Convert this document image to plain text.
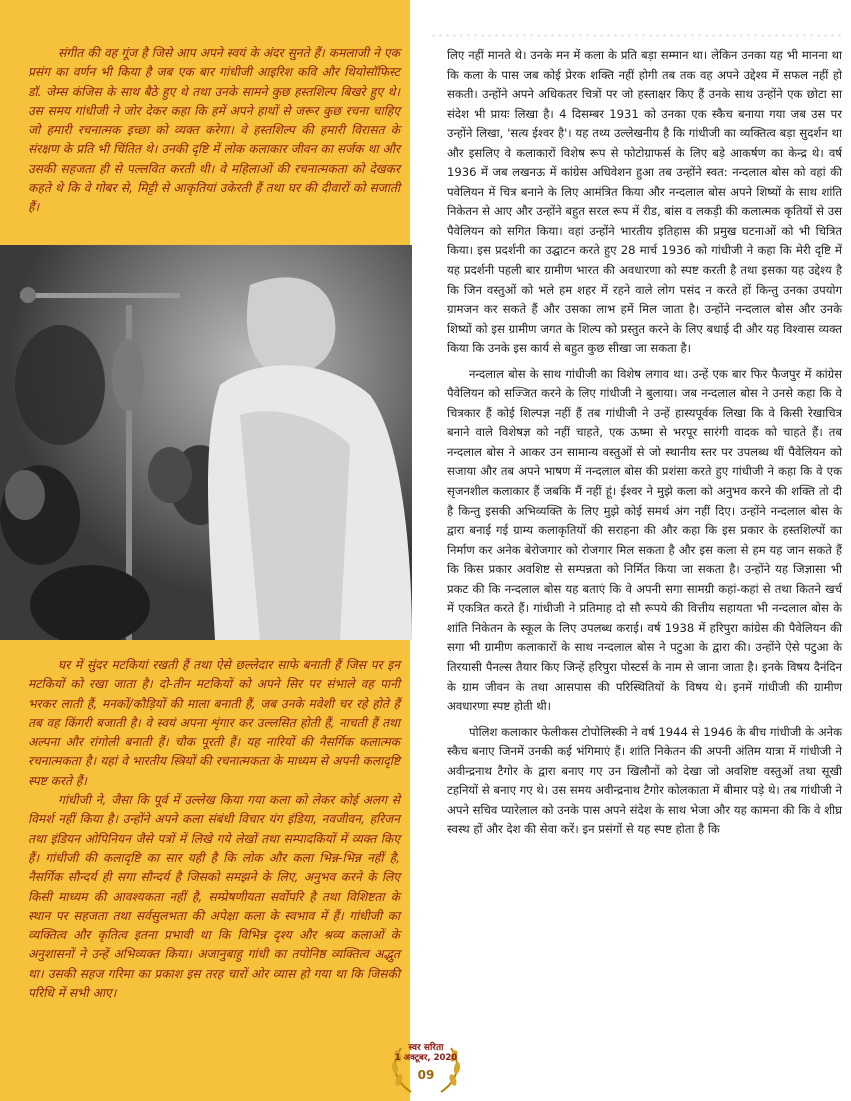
संगीत की वह गूंज है जिसे आप अपने स्वयं के अंदर सुनते हैं। कमलाजी ने एक प्रसंग का वर्णन भी किया है जब एक बार गांधीजी आइरिश कवि और थियोसॉफिस्ट डॉ. जेम्स कंजिस के साथ बैठे हुए थे तथा उनके सामने कुछ हस्तशिल्प बिखरे हुए थे। उस समय गांधीजी ने जोर देकर कहा कि हमें अपने हाथों से जरूर कुछ रचना चाहिए जो हमारी रचनात्मक इच्छा को व्यक्त करेगा। वे हस्तशिल्प की हमारी विरासत के संरक्षण के प्रति भी चिंतित थे। उनकी दृष्टि में लोक कलाकार जीवन का सर्जक था और उसकी सहजता ही से पल्लवित करती थी। वे महिलाओं की रचनात्मकता को देखकर कहते थे कि वे गोबर से, मिट्टी से आकृतियां उकेरती हैं तथा घर की दीवारों को सजाती हैं।

घर में सुंदर मटकियां रखती हैं तथा ऐसे छल्लेदार साफे बनाती हैं जिस पर इन मटकियों को रखा जाता है। दो-तीन मटकियों को अपने सिर पर संभाले वह पानी भरकर लाती हैं, मनकों/कौड़ियों की माला बनाती हैं, जब उनके मवेशी चर रहे होते हैं तब वह किंगरी बजाती है। वे स्वयं अपना शृंगार कर उल्लसित होती हैं, नाचती हैं तथा अल्पना और रांगोली बनाती हैं। चौक पूरती हैं। यह नारियों की नैसर्गिक कलात्मक रचनात्मकता है। यहां वे भारतीय स्त्रियों की रचनात्मकता के माध्यम से अपनी कलादृष्टि स्पष्ट करते हैं।

गांधीजी ने, जैसा कि पूर्व में उल्लेख किया गया कला को लेकर कोई अलग से विमर्श नहीं किया है। उन्होंने अपने कला संबंधी विचार यंग इंडिया, नवजीवन, हरिजन तथा इंडियन ओपिनियन जैसे पत्रों में लिखे गये लेखों तथा सम्पादकियों में व्यक्त किए हैं। गांधीजी की कलादृष्टि का सार यही है कि लोक और कला भिन्न-भिन्न नहीं है, नैसर्गिक सौन्दर्य ही सगा सौन्दर्य है जिसको समझने के लिए, अनुभव करने के लिए किसी माध्यम की आवश्यकता नहीं है, सम्प्रेषणीयता सर्वोपरि है तथा विशिष्टता के स्थान पर सहजता तथा सर्वसुलभता की अपेक्षा कला के स्वभाव में हैं। गांधीजी का व्यक्तित्व और कृतित्व इतना प्रभावी था कि विभिन्न दृश्य और श्रव्य कलाओं के अनुशासनों ने उन्हें अभिव्यक्त किया। अजानुबाहु गांधी का तपोनिष्ठ व्यक्तित्व अद्भुत था। उसकी सहज गरिमा का प्रकाश इस तरह चारों ओर व्यास हो गया था कि जिसकी परिधि में सभी आए।

लिए नहीं मानते थे। उनके मन में कला के प्रति बड़ा सम्मान था। लेकिन उनका यह भी मानना था कि कला के पास जब कोई प्रेरक शक्ति नहीं होगी तब तक वह अपने उद्देश्य में सफल नहीं हो सकती। उन्होंने अपने अधिकतर चित्रों पर जो हस्ताक्षर किए हैं उनके साथ उन्होंने एक छोटा सा संदेश भी प्रायः लिखा है। 4 दिसम्बर 1931 को उनका एक स्कैच बनाया गया जब उस पर उन्होंने लिखा, 'सत्य ईश्वर है'। यह तथ्य उल्लेखनीय है कि गांधीजी का व्यक्तित्व बड़ा सुदर्शन था और इसलिए वे कलाकारों विशेष रूप से फोटोग्राफर्स के लिए बड़े आकर्षण का केन्द्र थे। वर्ष 1936 में जब लखनऊ में कांग्रेस अधिवेशन हुआ तब उन्होंने स्वत: नन्दलाल बोस को वहां की पवेलियन में चित्र बनाने के लिए आमंत्रित किया और नन्दलाल बोस अपने शिष्यों के साथ शांति निकेतन से आए और उन्होंने बहुत सरल रूप में रीड, बांस व लकड़ी की कलात्मक कृतियों से उस पैवेलियन को सगित किया। वहां उन्होंने भारतीय इतिहास की प्रमुख घटनाओं को भी चित्रित किया। इस प्रदर्शनी का उद्घाटन करते हुए 28 मार्च 1936 को गांधीजी ने कहा कि मेरी दृष्टि में यह प्रदर्शनी पहली बार ग्रामीण भारत की अवधारणा को स्पष्ट करती है तथा इसका यह उद्देश्य है कि जिन वस्तुओं को भले हम शहर में रहने वाले लोग पसंद न करते हों किन्तु उनका उपयोग ग्रामजन कर सकते हैं और उसका लाभ हमें मिल जाता है। उन्होंने नन्दलाल बोस और उनके शिष्यों को इस ग्रामीण जगत के शिल्प को प्रस्तुत करने के लिए बधाई दी और यह विश्वास व्यक्त किया कि उनके इस कार्य से बहुत कुछ सीखा जा सकता है।

नन्दलाल बोस के साथ गांधीजी का विशेष लगाव था। उन्हें एक बार फिर फैजपुर में कांग्रेस पैवेलियन को सज्जित करने के लिए गांधीजी ने बुलाया। जब नन्दलाल बोस ने उनसे कहा कि वे चित्रकार हैं कोई शिल्पज्ञ नहीं हैं तब गांधीजी ने उन्हें हास्यपूर्वक लिखा कि वे किसी रेखाचित्र बनाने वाले विशेषज्ञ को नहीं चाहते, एक ऊष्मा से भरपूर सारंगी वादक को चाहते हैं। तब नन्दलाल बोस ने आकर उन सामान्य वस्तुओं से जो स्थानीय स्तर पर उपलब्ध थीं पैवेलियन को सजाया और तब अपने भाषण में नन्दलाल बोस की प्रशंसा करते हुए गांधीजी ने कहा कि वे एक सृजनशील कलाकार हैं जबकि मैं नहीं हूं। ईश्वर ने मुझे कला को अनुभव करने की शक्ति तो दी है किन्तु इसकी अभिव्यक्ति के लिए मुझे कोई समर्थ अंग नहीं दिए। उन्होंने नन्दलाल बोस के द्वारा बनाई गई ग्राम्य कलाकृतियों की सराहना की और कहा कि इस प्रकार के हस्तशिल्पों का निर्माण कर अनेक बेरोजगार को रोजगार मिल सकता है और इस कला से हम यह जान सकते हैं कि किस प्रकार अवशिष्ट से सम्पन्नता को निर्मित किया जा सकता है। उन्होंने यह जिज्ञासा भी प्रकट की कि नन्दलाल बोस यह बताएं कि वे अपनी सगा सामग्री कहां-कहां से तथा कितने खर्च में एकत्रित करते हैं। गांधीजी ने प्रतिमाह दो सौ रूपये की वित्तीय सहायता भी नन्दलाल बोस के शांति निकेतन के स्कूल के लिए उपलब्ध कराई। वर्ष 1938 में हरिपुरा कांग्रेस की पैवेलियन की सगा भी ग्रामीण कलाकारों के साथ नन्दलाल बोस ने पटुआ के द्वारा की। उन्होंने ऐसे पटुआ के तिरयासी पैनल्स तैयार किए जिन्हें हरिपुरा पोस्टर्स के नाम से जाना जाता है। इनके विषय दैनंदिन के ग्राम जीवन के तथा आसपास की परिस्थितियों के विषय थे। इनमें गांधीजी की ग्रामीण अवधारणा स्पष्ट होती थी।

पोलिश कलाकार फेलीकस टोपोलिस्की ने वर्ष 1944 से 1946 के बीच गांधीजी के अनेक स्कैच बनाए जिनमें उनकी कई भंगिमाएं हैं। शांति निकेतन की अपनी अंतिम यात्रा में गांधीजी ने अवीन्द्रनाथ टैगोर के द्वारा बनाए गए उन खिलौनों को देखा जो अवशिष्ट वस्तुओं तथा सूखी टहनियों से बनाए गए थे। उस समय अवीन्द्रनाथ टैगोर कोलकाता में बीमार पड़े थे। तब गांधीजी ने अपने सचिव प्यारेलाल को उनके पास अपने संदेश के साथ भेजा और यह कामना की कि वे शीघ्र स्वस्थ हों और देश की सेवा करें। इन प्रसंगों से यह स्पष्ट होता है कि

स्वर सरिता
1 अक्टूबर, 2020
09
